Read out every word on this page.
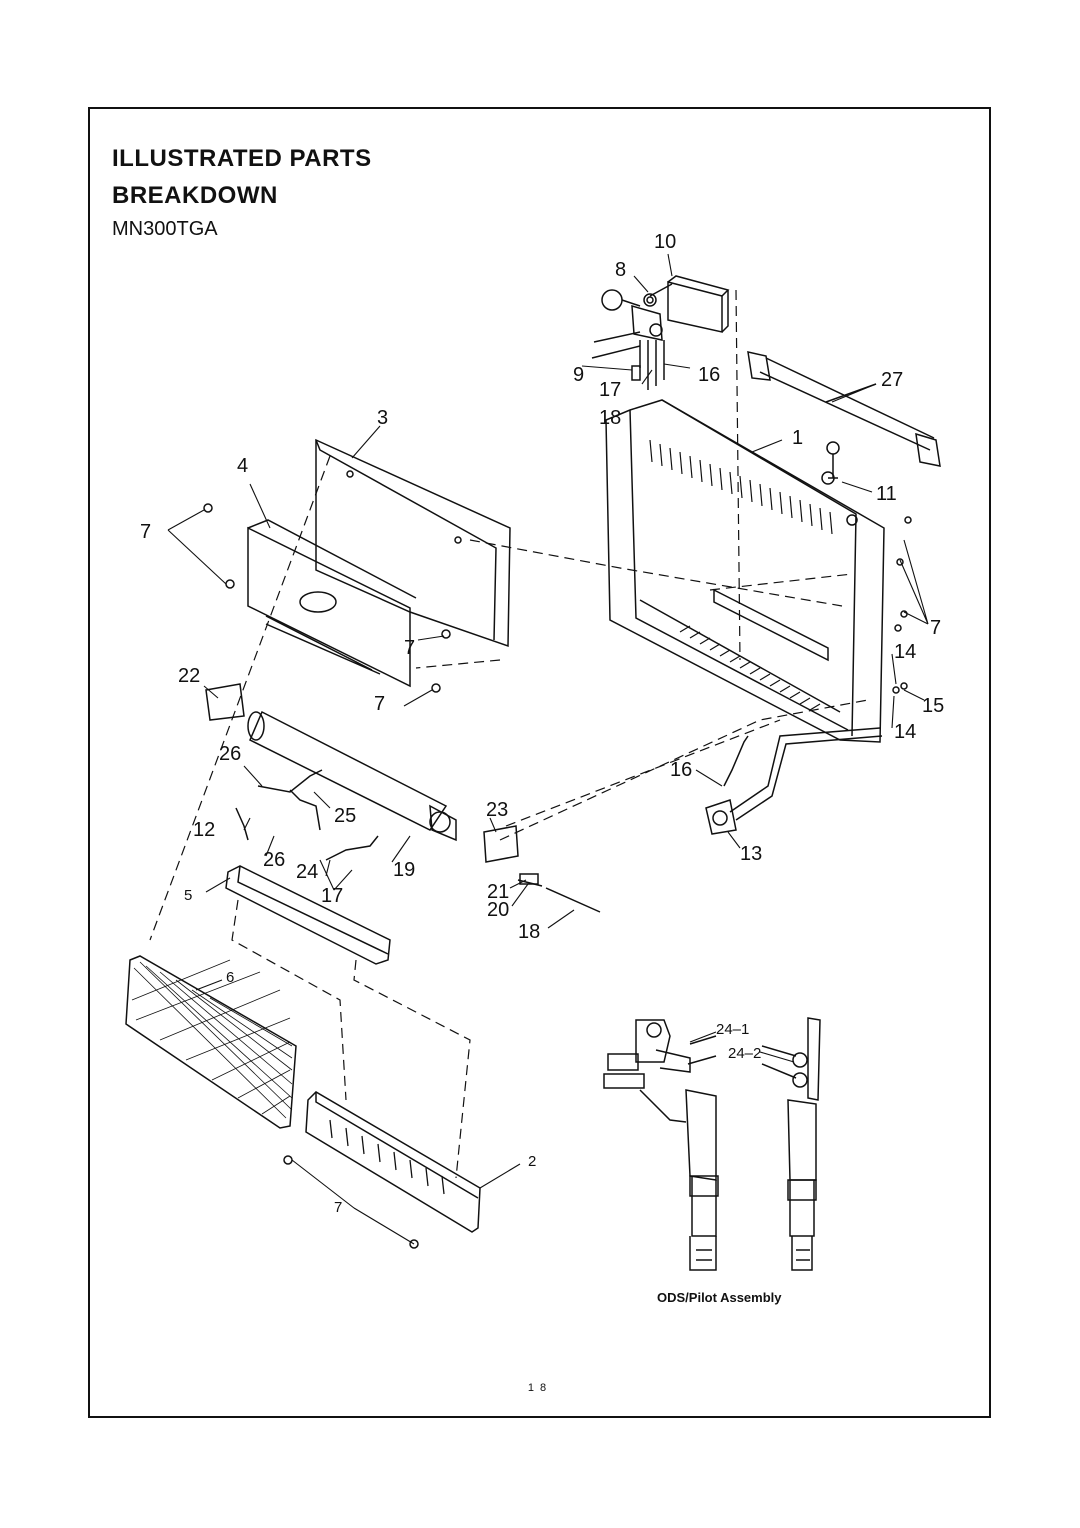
ILLUSTRATED PARTS
BREAKDOWN
MN300TGA
10
8
9	16
17	27
18
3
1
4
11
7
7
7	14
22
7	15
14
26
16
25	23
12
26
24	19
13
17	21
5
20
18
6
2
7
24–1
24–2
ODS/Pilot Assembly
18
